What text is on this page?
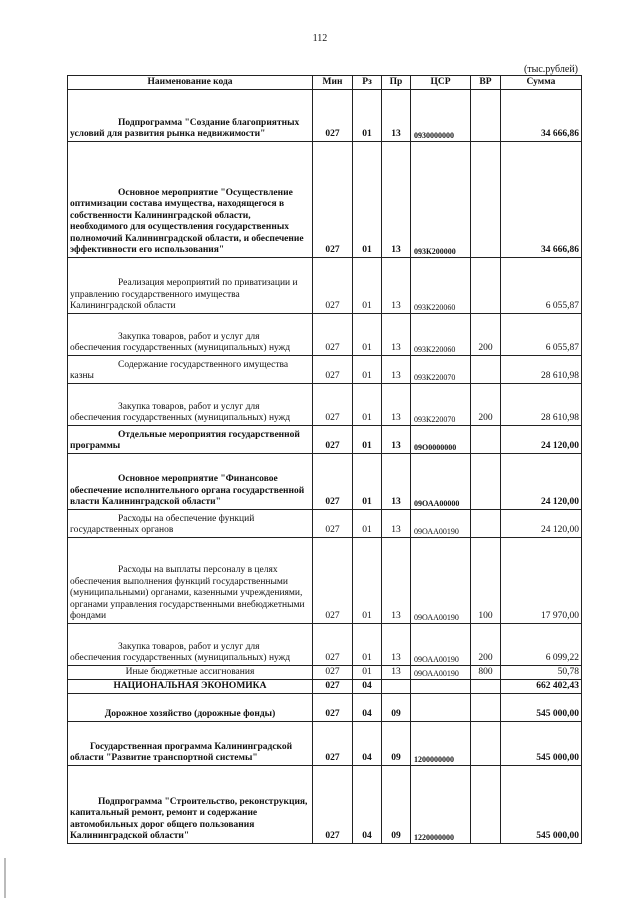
112
(тыс.рублей)
Наименование кода	Мин	Рз	Пр	ЦСР	ВР	Сумма
Подпрограмма "Создание благоприятных условий для развития рынка недвижимости"	027	01	13	0930000000		34 666,86
Основное мероприятие "Осуществление оптимизации состава имущества, находящегося в собственности Калининградской области, необходимого для осуществления государственных полномочий Калининградской области, и обеспечение эффективности его использования"	027	01	13	093К200000		34 666,86
Реализация мероприятий по приватизации и управлению государственного имущества Калининградской области	027	01	13	093К220060		6 055,87
Закупка товаров, работ и услуг для обеспечения государственных (муниципальных) нужд	027	01	13	093К220060	200	6 055,87
Содержание государственного имущества казны	027	01	13	093К220070		28 610,98
Закупка товаров, работ и услуг для обеспечения государственных (муниципальных) нужд	027	01	13	093К220070	200	28 610,98
Отдельные мероприятия государственной программы	027	01	13	09О0000000		24 120,00
Основное мероприятие "Финансовое обеспечение исполнительного органа государственной власти Калининградской области"	027	01	13	09ОАА00000		24 120,00
Расходы на обеспечение функций государственных органов	027	01	13	09ОАА00190		24 120,00
Расходы на выплаты персоналу в целях обеспечения выполнения функций государственными (муниципальными) органами, казенными учреждениями, органами управления государственными внебюджетными фондами	027	01	13	09ОАА00190	100	17 970,00
Закупка товаров, работ и услуг для обеспечения государственных (муниципальных) нужд	027	01	13	09ОАА00190	200	6 099,22
Иные бюджетные ассигнования	027	01	13	09ОАА00190	800	50,78
НАЦИОНАЛЬНАЯ ЭКОНОМИКА	027	04				662 402,43
Дорожное хозяйство (дорожные фонды)	027	04	09			545 000,00
Государственная программа Калининградской области "Развитие транспортной системы"	027	04	09	1200000000		545 000,00
Подпрограмма "Строительство, реконструкция, капитальный ремонт, ремонт и содержание автомобильных дорог общего пользования Калининградской области"	027	04	09	1220000000		545 000,00
